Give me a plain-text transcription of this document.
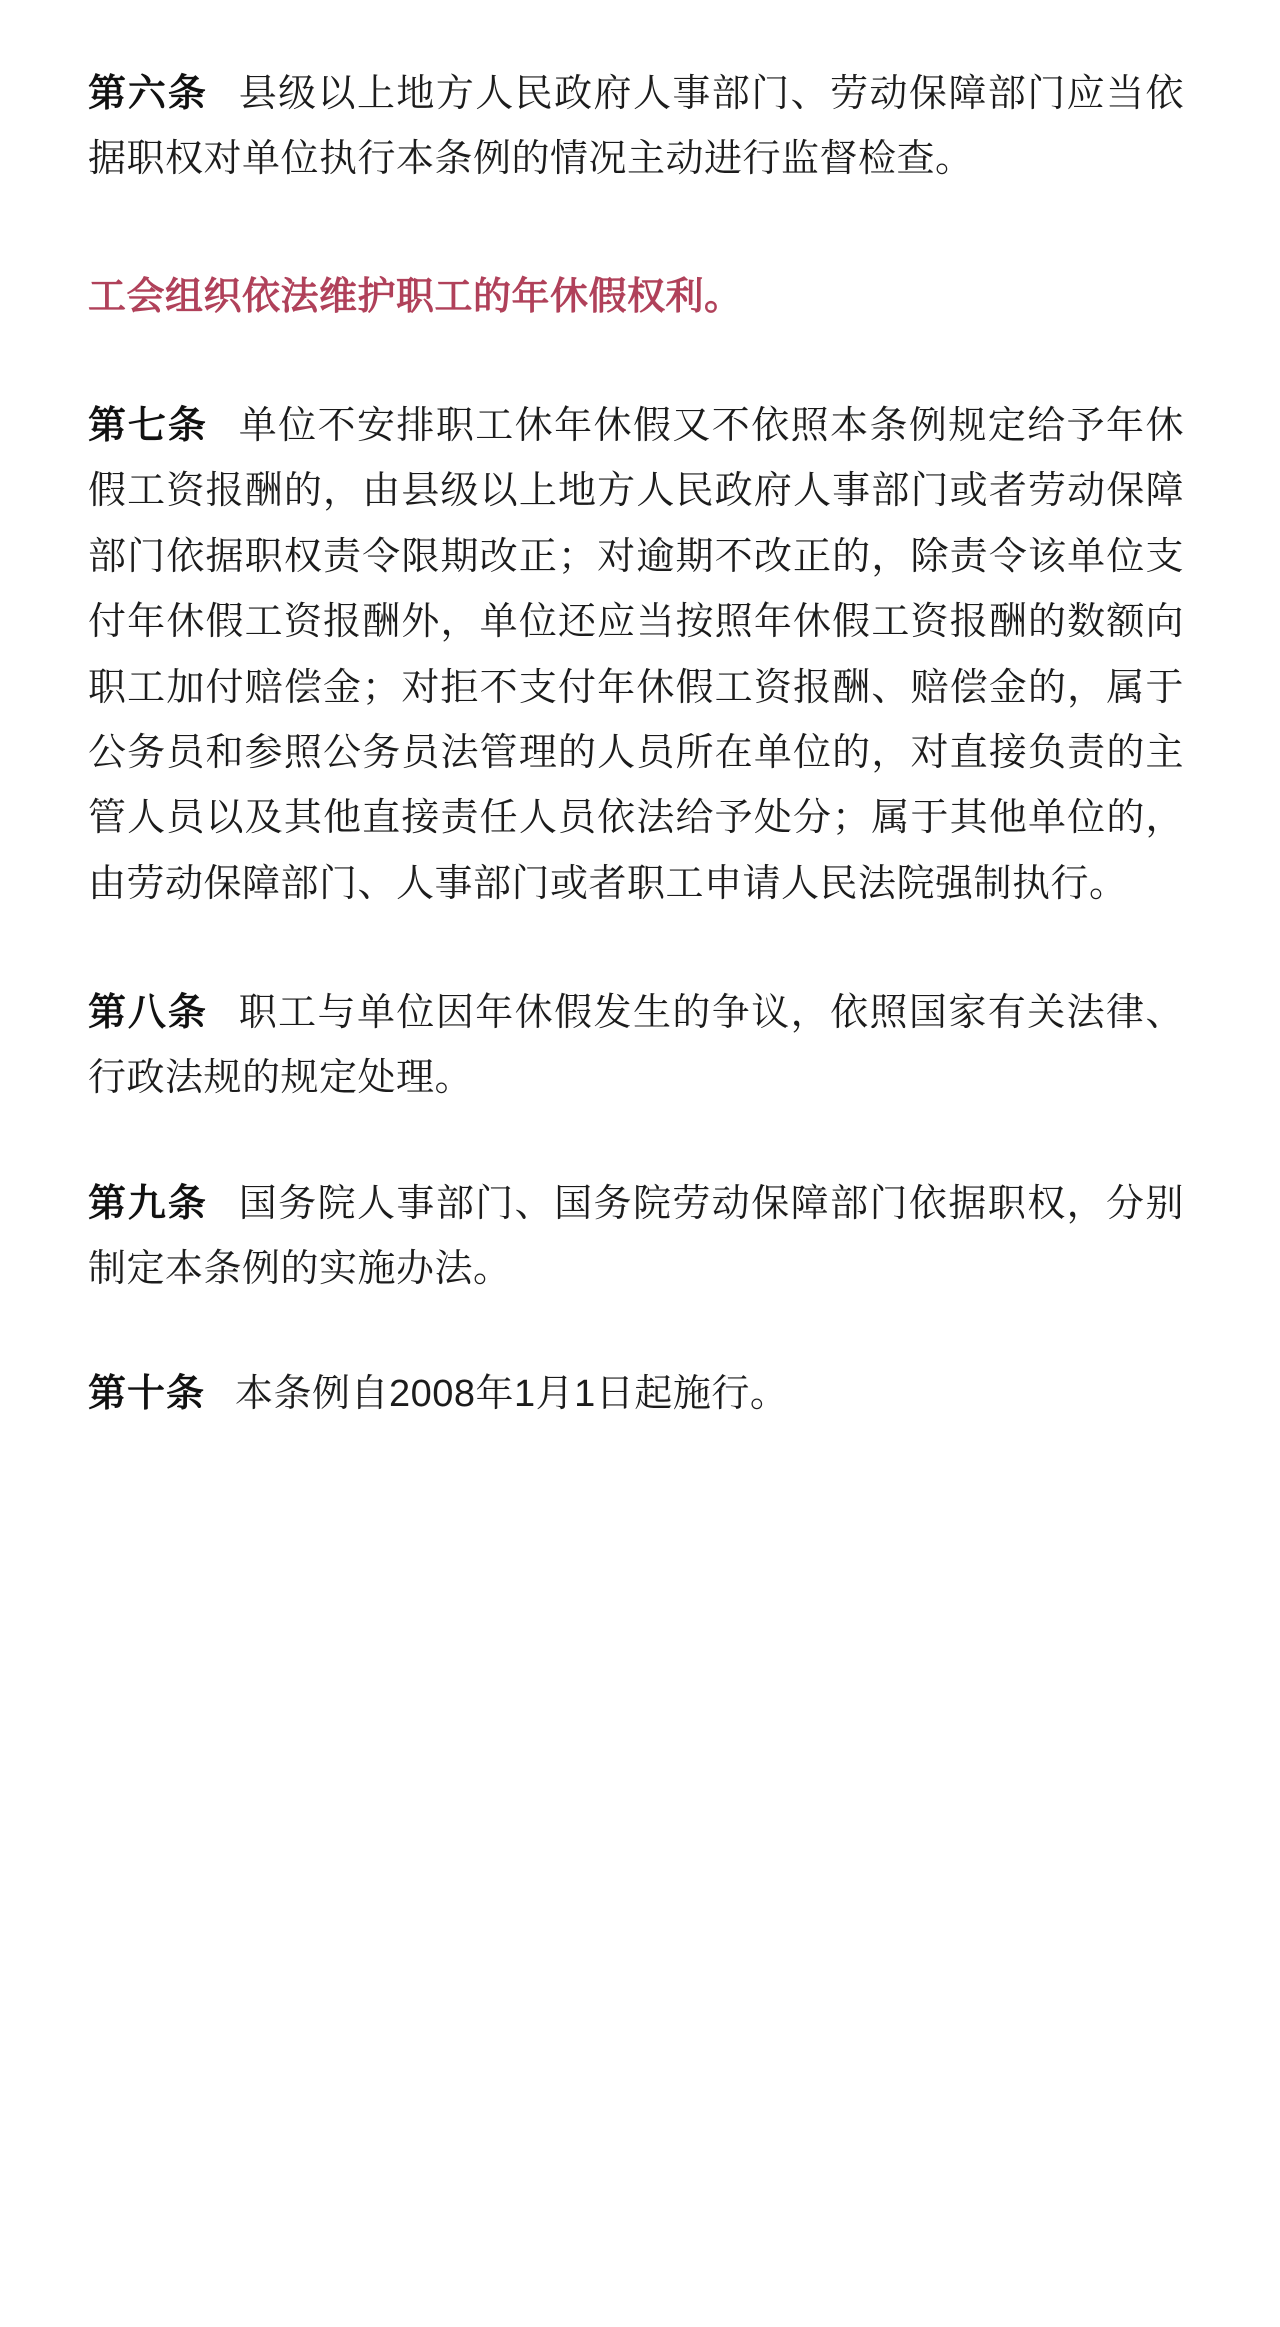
第六条 县级以上地方人民政府人事部门、劳动保障部门应当依据职权对单位执行本条例的情况主动进行监督检查。

工会组织依法维护职工的年休假权利。

第七条 单位不安排职工休年休假又不依照本条例规定给予年休假工资报酬的，由县级以上地方人民政府人事部门或者劳动保障部门依据职权责令限期改正；对逾期不改正的，除责令该单位支付年休假工资报酬外，单位还应当按照年休假工资报酬的数额向职工加付赔偿金；对拒不支付年休假工资报酬、赔偿金的，属于公务员和参照公务员法管理的人员所在单位的，对直接负责的主管人员以及其他直接责任人员依法给予处分；属于其他单位的，由劳动保障部门、人事部门或者职工申请人民法院强制执行。

第八条 职工与单位因年休假发生的争议，依照国家有关法律、行政法规的规定处理。

第九条 国务院人事部门、国务院劳动保障部门依据职权，分别制定本条例的实施办法。

第十条 本条例自2008年1月1日起施行。
